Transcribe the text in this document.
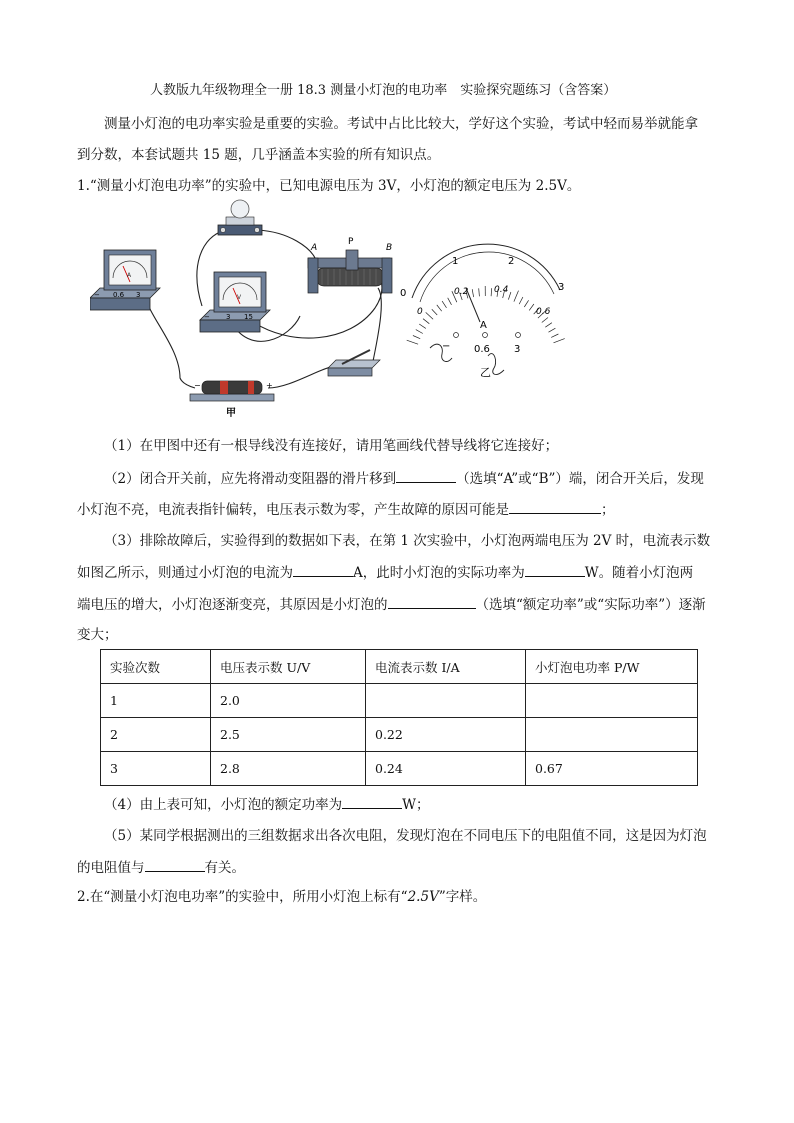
人教版九年级物理全一册 18.3 测量小灯泡的电功率　实验探究题练习（含答案）
测量小灯泡的电功率实验是重要的实验。考试中占比比较大，学好这个实验，考试中轻而易举就能拿
到分数，本套试题共 15 题，几乎涵盖本实验的所有知识点。
1.“测量小灯泡电功率”的实验中，已知电源电压为 3V，小灯泡的额定电压为 2.5V。
A
− 0.6 3	V
− 3 15
A
P
B
−	+
甲
0
1	2
3
0
0.2	0.4
0.6
A
− 0.6 3
乙
（1）在甲图中还有一根导线没有连接好，请用笔画线代替导线将它连接好；
（2）闭合开关前，应先将滑动变阻器的滑片移到	（选填“A”或“B”）端，闭合开关后，发现
小灯泡不亮，电流表指针偏转，电压表示数为零，产生故障的原因可能是	；
（3）排除故障后，实验得到的数据如下表，在第 1 次实验中，小灯泡两端电压为 2V 时，电流表示数
如图乙所示，则通过小灯泡的电流为	A，此时小灯泡的实际功率为	W。随着小灯泡两
端电压的增大，小灯泡逐渐变亮，其原因是小灯泡的	（选填“额定功率”或“实际功率”）逐渐
变大；
实验次数	电压表示数 U/V	电流表示数 I/A	小灯泡电功率 P/W
1	2.0		
2	2.5	0.22	
3	2.8	0.24	0.67
（4）由上表可知，小灯泡的额定功率为	W；
（5）某同学根据测出的三组数据求出各次电阻，发现灯泡在不同电压下的电阻值不同，这是因为灯泡
的电阻值与	有关。
2.在“测量小灯泡电功率”的实验中，所用小灯泡上标有“2.5V”字样。
